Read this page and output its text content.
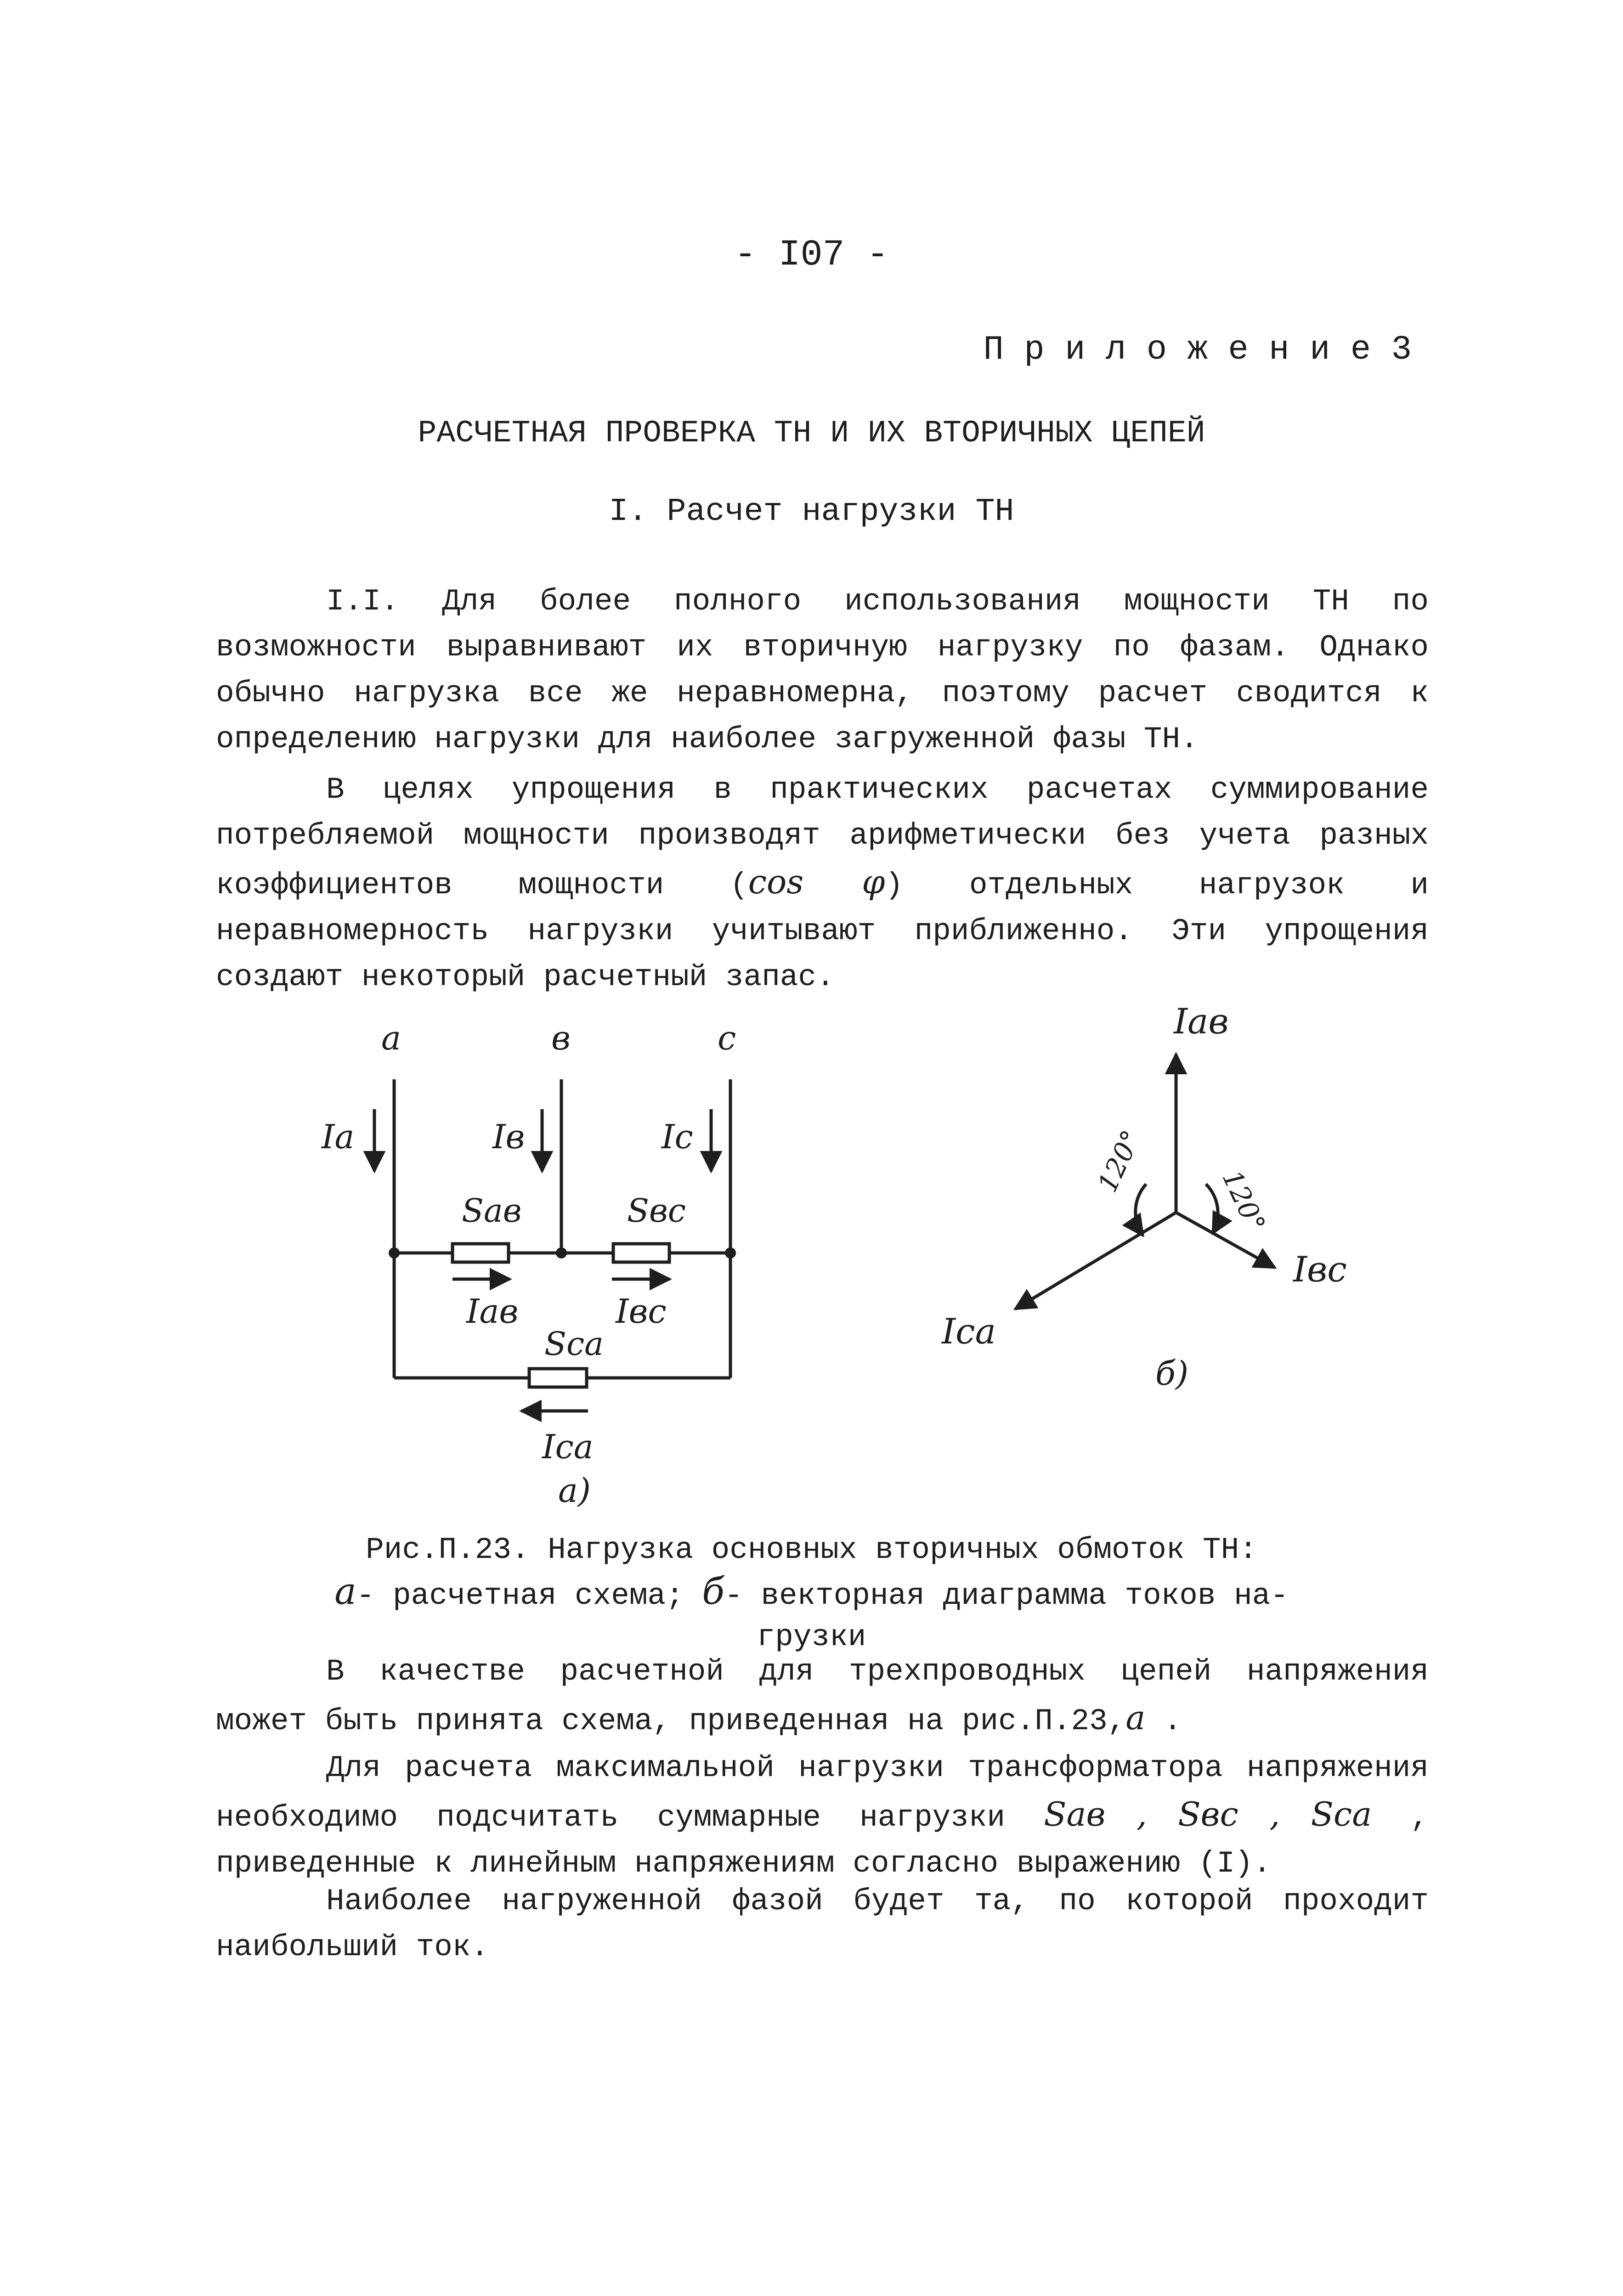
- I07 -
П р и л о ж е н и е 3
РАСЧЕТНАЯ ПРОВЕРКА ТН И ИХ ВТОРИЧНЫХ ЦЕПЕЙ
I. Расчет нагрузки ТН
I.I. Для более полного использования мощности ТН по возможности выравнивают их вторичную нагрузку по фазам. Однако обычно нагрузка все же неравномерна, поэтому расчет сводится к определению нагрузки для наиболее загруженной фазы ТН.
В целях упрощения в практических расчетах суммирование потребляемой мощности производят арифметически без учета разных коэффициентов мощности (cos φ) отдельных нагрузок и неравномерность нагрузки учитывают приближенно. Эти упрощения создают некоторый расчетный запас.
a	в	c
Ia	Iв	Ic
Saв	Sвc
Iaв	Iвc
Sca
Ica
a)
Iaв
Iвc
Ica
120°
120°
б)
Рис.П.23. Нагрузка основных вторичных обмоток ТН:
a- расчетная схема; б- векторная диаграмма токов на-
грузки
В качестве расчетной для трехпроводных цепей напряжения может быть принята схема, приведенная на рис.П.23,a .
Для расчета максимальной нагрузки трансформатора напряжения необходимо подсчитать суммарные нагрузки Saв , Sвc , Sca , приведенные к линейным напряжениям согласно выражению (I).
Наиболее нагруженной фазой будет та, по которой проходит наибольший ток.
